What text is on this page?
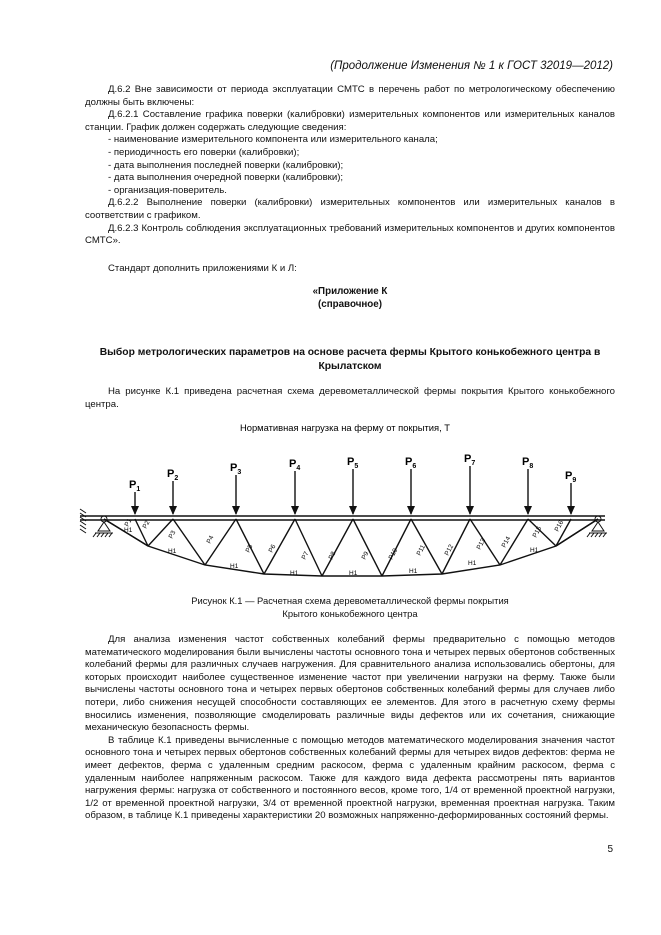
(Продолжение Изменения № 1 к ГОСТ 32019—2012)

Д.6.2 Вне зависимости от периода эксплуатации СМТС в перечень работ по метрологическому обеспечению должны быть включены:

Д.6.2.1 Составление графика поверки (калибровки) измерительных компонентов или измерительных каналов станции. График должен содержать следующие сведения:

- наименование измерительного компонента или измерительного канала;

- периодичность его поверки (калибровки);

- дата выполнения последней поверки (калибровки);

- дата выполнения очередной поверки (калибровки);

- организация-поверитель.

Д.6.2.2 Выполнение поверки (калибровки) измерительных компонентов или измерительных каналов в соответствии с графиком.

Д.6.2.3 Контроль соблюдения эксплуатационных требований измерительных компонентов и других компонентов СМТС».

Стандарт дополнить приложениями К и Л:

«Приложение К
(справочное)
Выбор метрологических параметров на основе расчета фермы Крытого конькобежного центра в Крылатском

На рисунке К.1 приведена расчетная схема деревометаллической фермы покрытия Крытого конькобежного центра.

Нормативная нагрузка на ферму от покрытия, Т
$P_1$
$P_2$
$P_3$
$P_4$
$P_5$	$P_6$
$P_7$	$P_8$
$P_9$
Р1 Р2
Р3	Р4
Р5 Р6
Р7	Р8	Р9	Р10	Р11	Р12	Р13 Р14
Р15 Р16
Н1
Н1
Н1
Н1	Н1	Н1
Н1
Н1
Рисунок К.1 — Расчетная схема деревометаллической фермы покрытия
Крытого конькобежного центра

Для анализа изменения частот собственных колебаний фермы предварительно с помощью методов математического моделирования были вычислены частоты основного тона и четырех первых обертонов собственных колебаний фермы для различных случаев нагружения. Для сравнительного анализа использовались обертоны, для которых происходит наиболее существенное изменение частот при увеличении нагрузки на ферму. Также были вычислены частоты основного тона и четырех первых обертонов собственных колебаний фермы для случаев либо потери, либо снижения несущей способности составляющих ее элементов. Для этого в расчетную схему фермы вносились изменения, позволяющие смоделировать различные виды дефектов или их сочетания, снижающие механическую безопасность фермы.

В таблице К.1 приведены вычисленные с помощью методов математического моделирования значения частот основного тона и четырех первых обертонов собственных колебаний фермы для четырех видов дефектов: ферма не имеет дефектов, ферма с удаленным средним раскосом, ферма с удаленным крайним раскосом, ферма с удаленным наиболее напряженным раскосом. Также для каждого вида дефекта рассмотрены пять вариантов нагружения фермы: нагрузка от собственного и постоянного весов, кроме того, 1/4 от временной проектной нагрузки, 1/2 от временной проектной нагрузки, 3/4 от временной проектной нагрузки, временная проектная нагрузка. Таким образом, в таблице К.1 приведены характеристики 20 возможных напряженно-деформированных состояний фермы.

5
